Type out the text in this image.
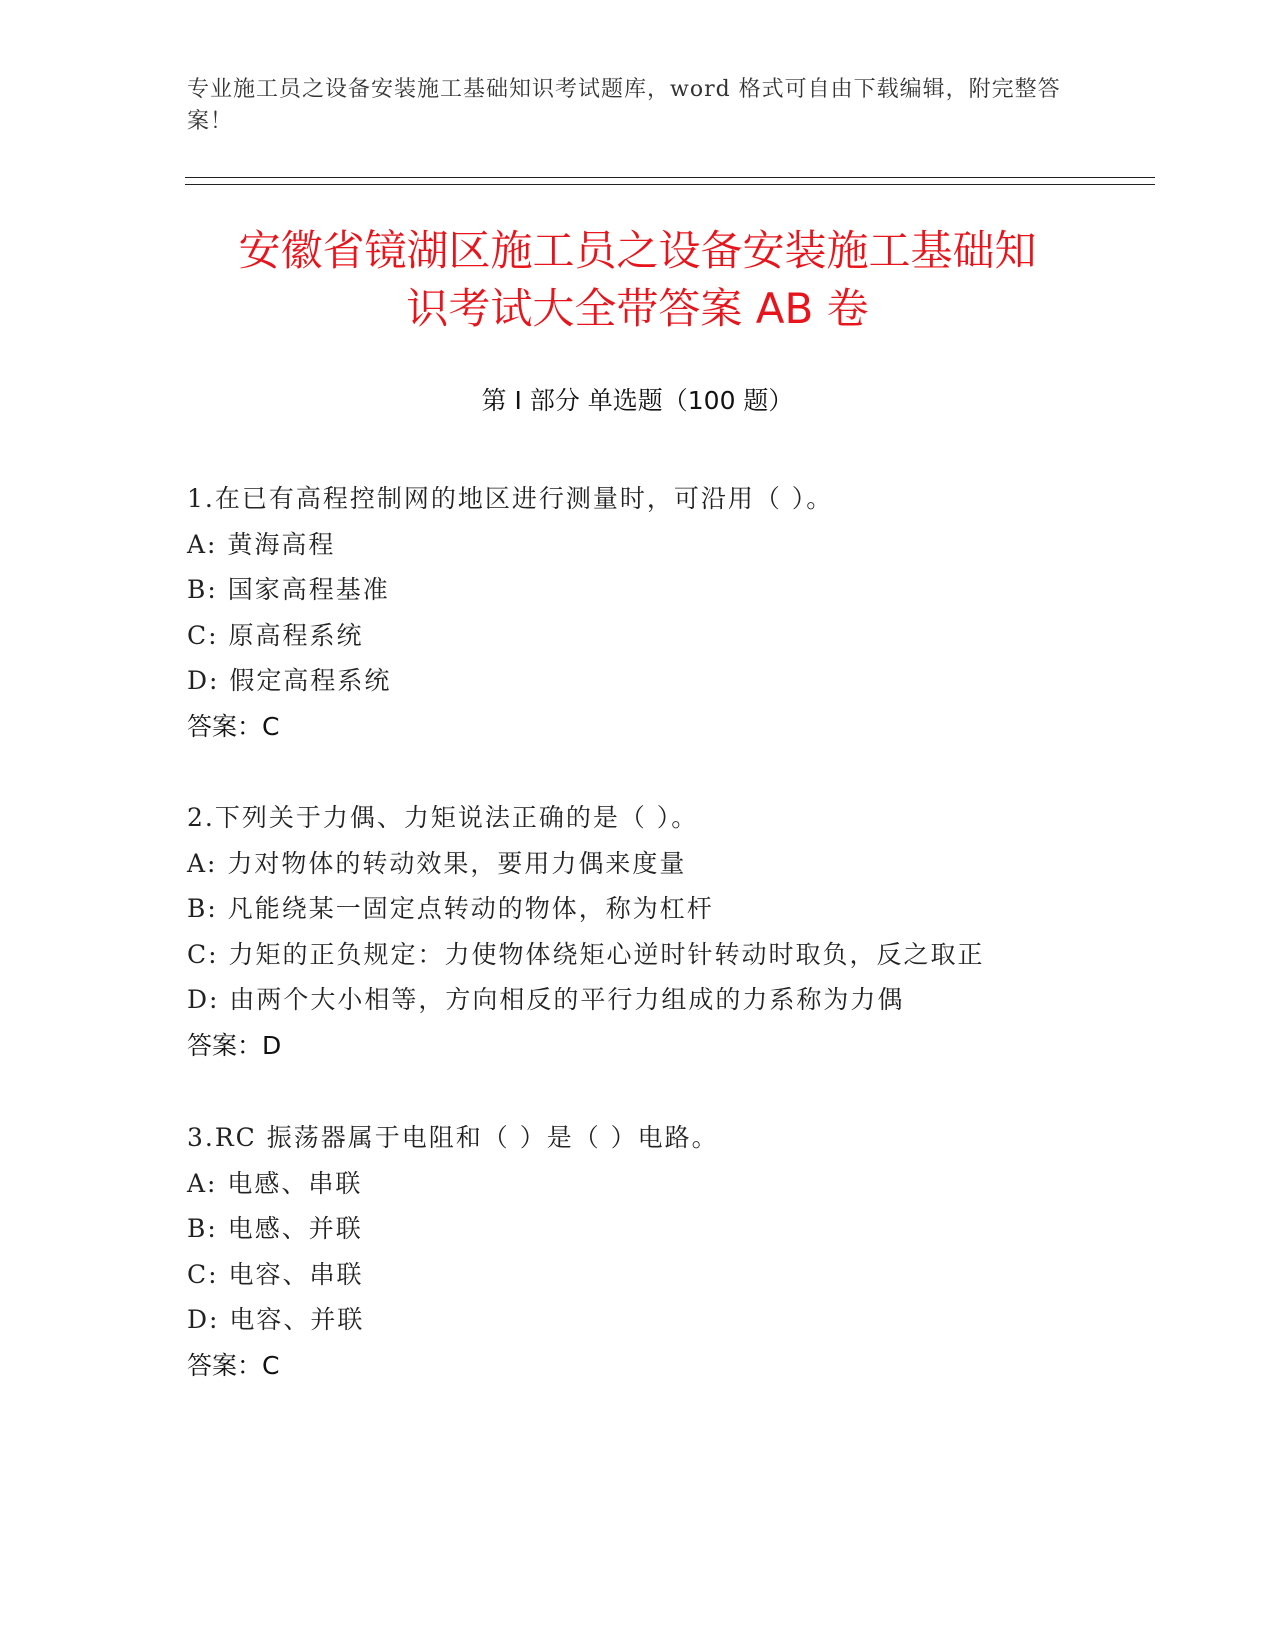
专业施工员之设备安装施工基础知识考试题库，word 格式可自由下载编辑，附完整答案！
安徽省镜湖区施工员之设备安装施工基础知
识考试大全带答案 AB 卷
第 I 部分 单选题（100 题）
1.在已有高程控制网的地区进行测量时，可沿用（ ）。
A: 黄海高程
B: 国家高程基准
C: 原高程系统
D: 假定高程系统
答案：C
2.下列关于力偶、力矩说法正确的是（ ）。
A: 力对物体的转动效果，要用力偶来度量
B: 凡能绕某一固定点转动的物体，称为杠杆
C: 力矩的正负规定：力使物体绕矩心逆时针转动时取负，反之取正
D: 由两个大小相等，方向相反的平行力组成的力系称为力偶
答案：D
3.RC 振荡器属于电阻和（ ）是（ ）电路。
A: 电感、串联
B: 电感、并联
C: 电容、串联
D: 电容、并联
答案：C
